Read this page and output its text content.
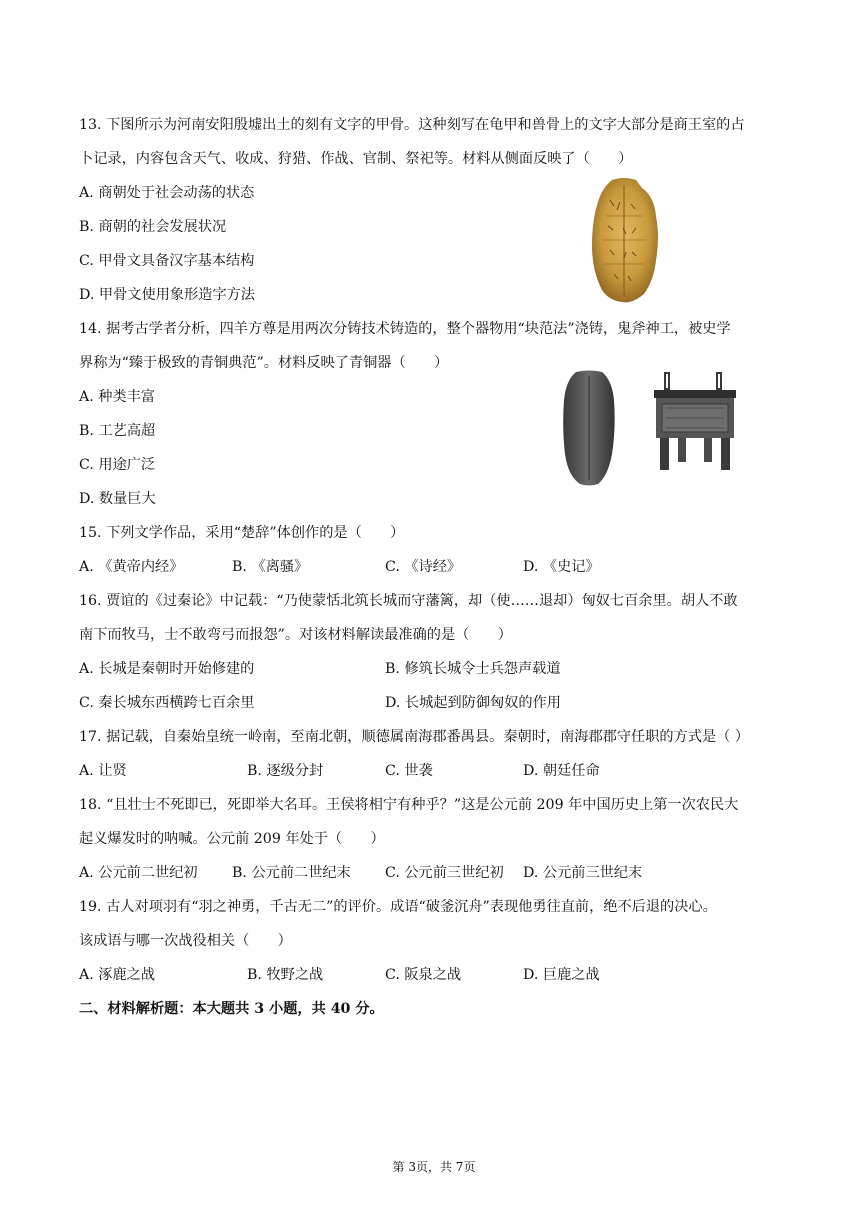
13. 下图所示为河南安阳殷墟出土的刻有文字的甲骨。这种刻写在龟甲和兽骨上的文字大部分是商王室的占
卜记录，内容包含天气、收成、狩猎、作战、官制、祭祀等。材料从侧面反映了（　　）
A. 商朝处于社会动荡的状态
B. 商朝的社会发展状况
C. 甲骨文具备汉字基本结构
D. 甲骨文使用象形造字方法
14. 据考古学者分析，四羊方尊是用两次分铸技术铸造的，整个器物用“块范法”浇铸，鬼斧神工，被史学
界称为“臻于极致的青铜典范”。材料反映了青铜器（　　）
A. 种类丰富
B. 工艺高超
C. 用途广泛
D. 数量巨大
15. 下列文学作品，采用“楚辞”体创作的是（　　）
A. 《黄帝内经》	B. 《离骚》	C. 《诗经》	D. 《史记》
16. 贾谊的《过秦论》中记载：“乃使蒙恬北筑长城而守藩篱，却（使……退却）匈奴七百余里。胡人不敢
南下而牧马，士不敢弯弓而报怨”。对该材料解读最准确的是（　　）
A. 长城是秦朝时开始修建的	B. 修筑长城令士兵怨声载道
C. 秦长城东西横跨七百余里	D. 长城起到防御匈奴的作用
17. 据记载，自秦始皇统一岭南，至南北朝，顺德属南海郡番禺县。秦朝时，南海郡郡守任职的方式是（ ）
A. 让贤	B. 逐级分封	C. 世袭	D. 朝廷任命
18. “且壮士不死即已，死即举大名耳。王侯将相宁有种乎？”这是公元前 209 年中国历史上第一次农民大
起义爆发时的呐喊。公元前 209 年处于（　　）
A. 公元前二世纪初 B. 公元前二世纪末 C. 公元前三世纪初 D. 公元前三世纪末
19. 古人对项羽有“羽之神勇，千古无二”的评价。成语“破釜沉舟”表现他勇往直前，绝不后退的决心。
该成语与哪一次战役相关（　　）
A. 涿鹿之战	B. 牧野之战	C. 阪泉之战	D. 巨鹿之战
二、材料解析题：本大题共 3 小题，共 40 分。
第 3页，共 7页
